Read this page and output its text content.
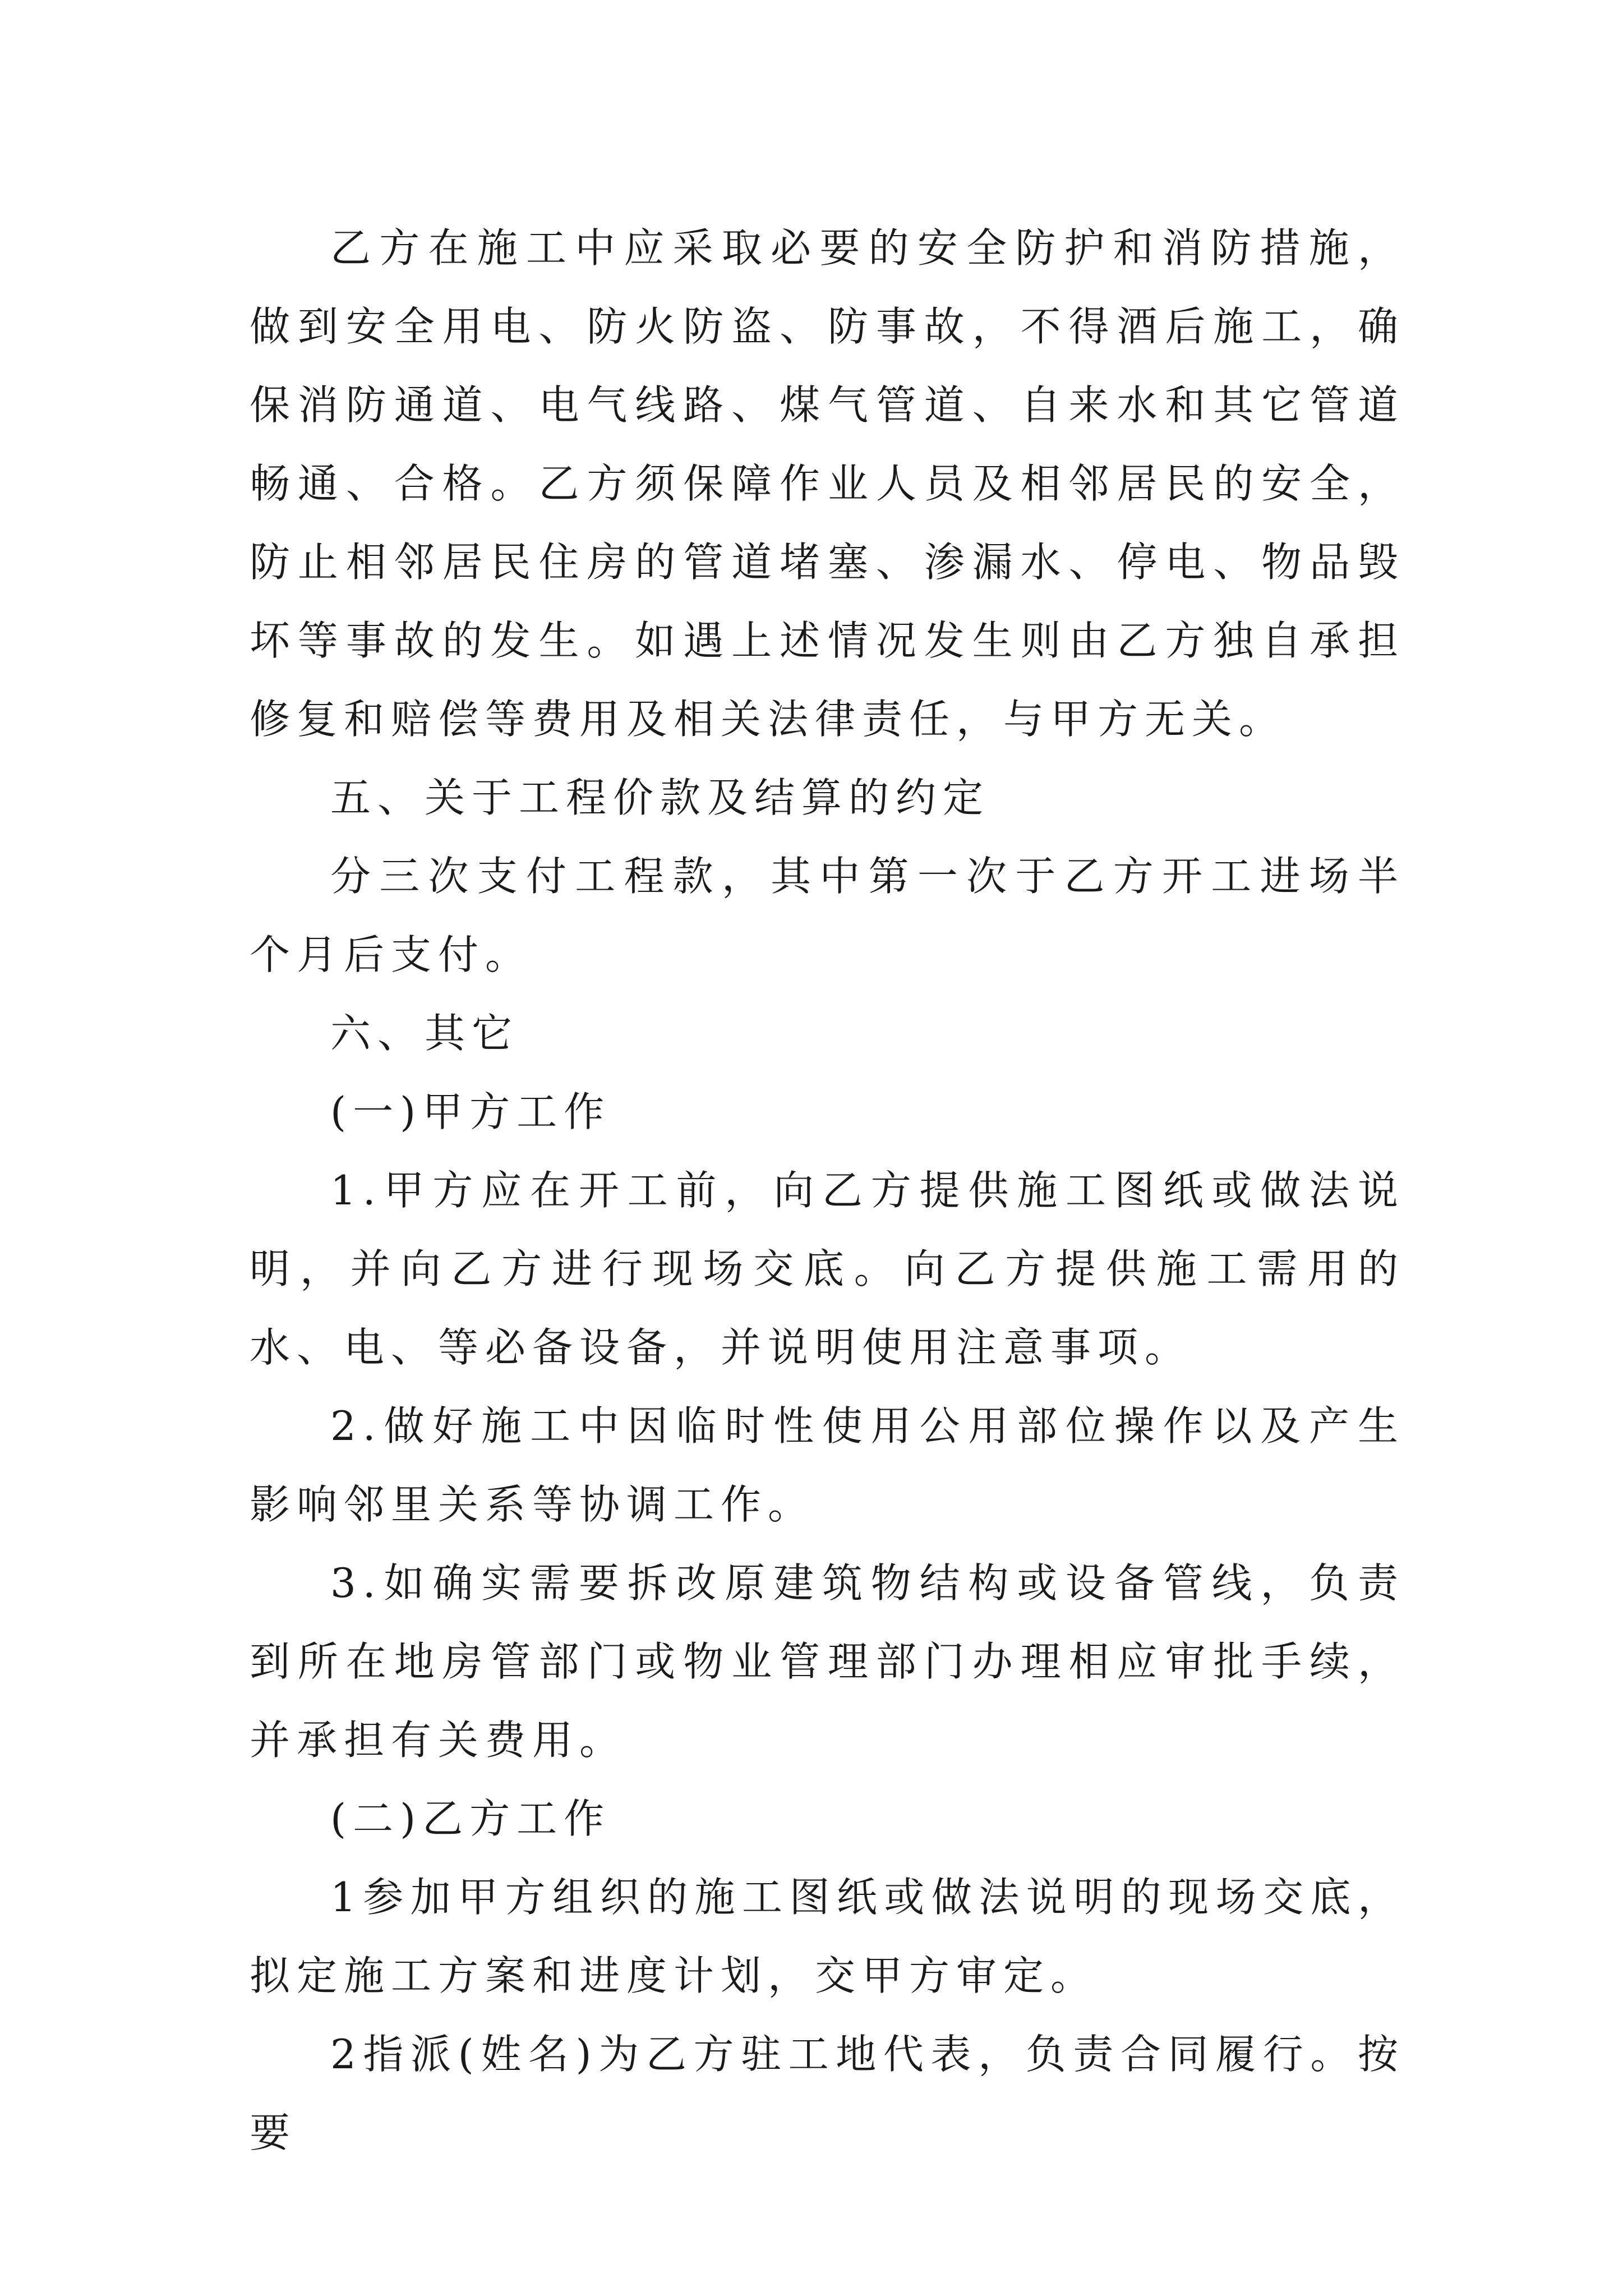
乙方在施工中应采取必要的安全防护和消防措施，做到安全用电、防火防盗、防事故，不得酒后施工，确保消防通道、电气线路、煤气管道、自来水和其它管道畅通、合格。乙方须保障作业人员及相邻居民的安全，防止相邻居民住房的管道堵塞、渗漏水、停电、物品毁坏等事故的发生。如遇上述情况发生则由乙方独自承担修复和赔偿等费用及相关法律责任，与甲方无关。

五、关于工程价款及结算的约定

分三次支付工程款，其中第一次于乙方开工进场半个月后支付。

六、其它

(一)甲方工作

1.甲方应在开工前，向乙方提供施工图纸或做法说明，并向乙方进行现场交底。向乙方提供施工需用的水、电、等必备设备，并说明使用注意事项。

2.做好施工中因临时性使用公用部位操作以及产生影响邻里关系等协调工作。

3.如确实需要拆改原建筑物结构或设备管线，负责到所在地房管部门或物业管理部门办理相应审批手续，并承担有关费用。

(二)乙方工作

1参加甲方组织的施工图纸或做法说明的现场交底，拟定施工方案和进度计划，交甲方审定。

2指派(姓名)为乙方驻工地代表，负责合同履行。按要
